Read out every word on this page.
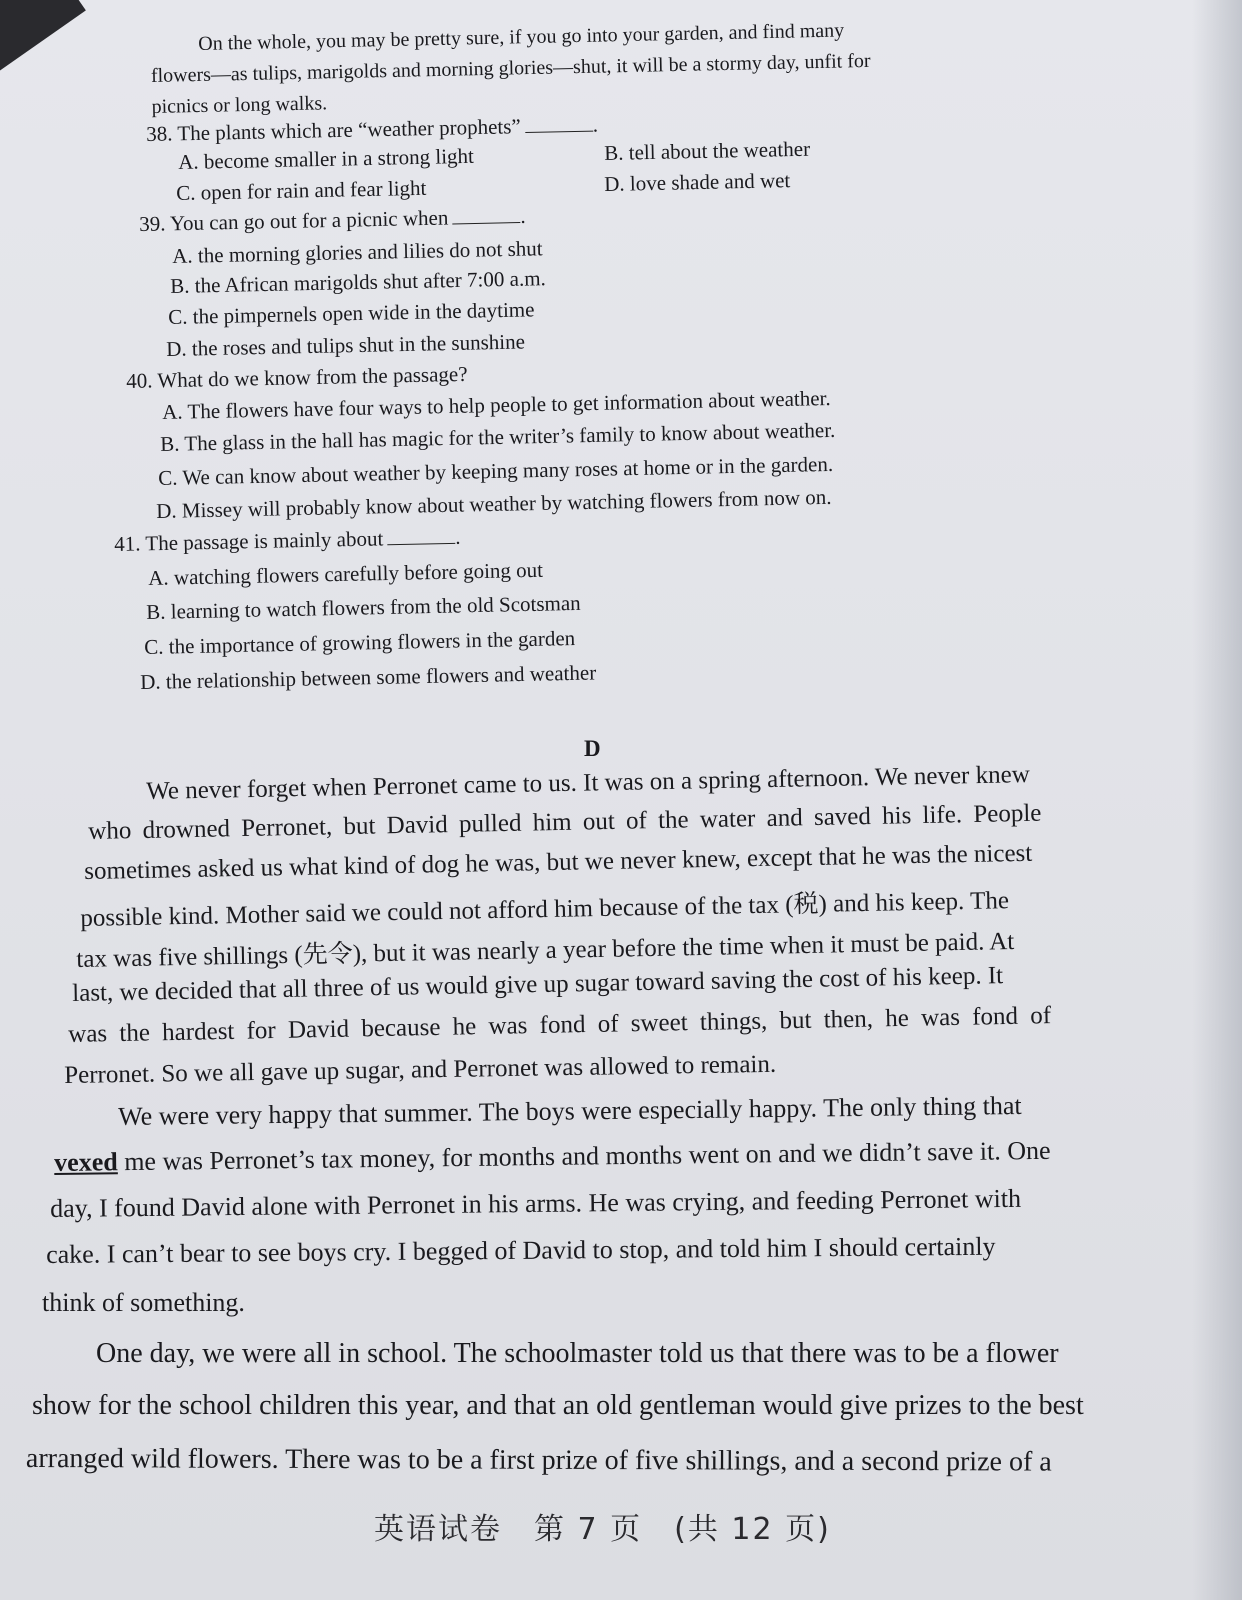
On the whole, you may be pretty sure, if you go into your garden, and find many
flowers—as tulips, marigolds and morning glories—shut, it will be a stormy day, unfit for
picnics or long walks.
38. The plants which are “weather prophets”	.
A. become smaller in a strong light	B. tell about the weather
C. open for rain and fear light	D. love shade and wet
39. You can go out for a picnic when	.
A. the morning glories and lilies do not shut
B. the African marigolds shut after 7:00 a.m.
C. the pimpernels open wide in the daytime
D. the roses and tulips shut in the sunshine
40. What do we know from the passage?
A. The flowers have four ways to help people to get information about weather.
B. The glass in the hall has magic for the writer’s family to know about weather.
C. We can know about weather by keeping many roses at home or in the garden.
D. Missey will probably know about weather by watching flowers from now on.
41. The passage is mainly about	.
A. watching flowers carefully before going out
B. learning to watch flowers from the old Scotsman
C. the importance of growing flowers in the garden
D. the relationship between some flowers and weather
D
We never forget when Perronet came to us. It was on a spring afternoon. We never knew
who drowned Perronet, but David pulled him out of the water and saved his life. People
sometimes asked us what kind of dog he was, but we never knew, except that he was the nicest
possible kind. Mother said we could not afford him because of the tax (税) and his keep. The
tax was five shillings (先令), but it was nearly a year before the time when it must be paid. At
last, we decided that all three of us would give up sugar toward saving the cost of his keep. It
was the hardest for David because he was fond of sweet things, but then, he was fond of
Perronet. So we all gave up sugar, and Perronet was allowed to remain.
We were very happy that summer. The boys were especially happy. The only thing that
vexed me was Perronet’s tax money, for months and months went on and we didn’t save it. One
day, I found David alone with Perronet in his arms. He was crying, and feeding Perronet with
cake. I can’t bear to see boys cry. I begged of David to stop, and told him I should certainly
think of something.
One day, we were all in school. The schoolmaster told us that there was to be a flower
show for the school children this year, and that an old gentleman would give prizes to the best
arranged wild flowers. There was to be a first prize of five shillings, and a second prize of a
英语试卷　第 7 页　(共 12 页)
